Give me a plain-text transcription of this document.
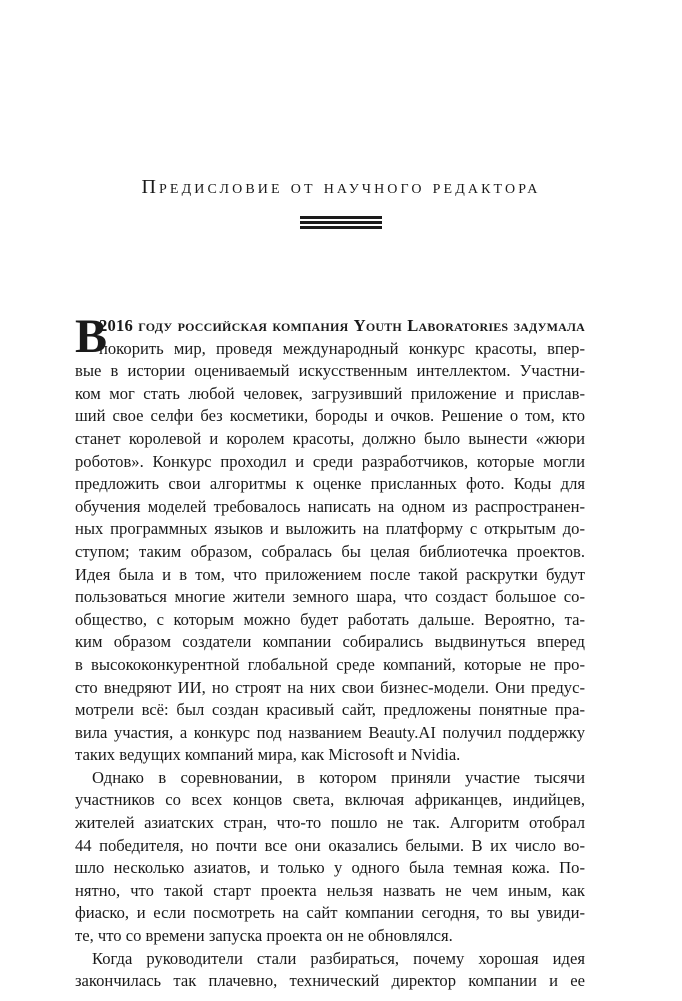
Предисловие от научного редактора
В
2016 году российская компания Youth Laboratories задумала
покорить мир, проведя международный конкурс красоты, впер-
вые в истории оцениваемый искусственным интеллектом. Участни-
ком мог стать любой человек, загрузивший приложение и прислав-
ший свое селфи без косметики, бороды и очков. Решение о том, кто
станет королевой и королем красоты, должно было вынести «жюри
роботов». Конкурс проходил и среди разработчиков, которые могли
предложить свои алгоритмы к оценке присланных фото. Коды для
обучения моделей требовалось написать на одном из распространен-
ных программных языков и выложить на платформу с открытым до-
ступом; таким образом, собралась бы целая библиотечка проектов.
Идея была и в том, что приложением после такой раскрутки будут
пользоваться многие жители земного шара, что создаст большое со-
общество, с которым можно будет работать дальше. Вероятно, та-
ким образом создатели компании собирались выдвинуться вперед
в высококонкурентной глобальной среде компаний, которые не про-
сто внедряют ИИ, но строят на них свои бизнес-модели. Они предус-
мотрели всё: был создан красивый сайт, предложены понятные пра-
вила участия, а конкурс под названием Beauty.AI получил поддержку
таких ведущих компаний мира, как Microsoft и Nvidia.
Однако в соревновании, в котором приняли участие тысячи
участников со всех концов света, включая африканцев, индийцев,
жителей азиатских стран, что-то пошло не так. Алгоритм отобрал
44 победителя, но почти все они оказались белыми. В их число во-
шло несколько азиатов, и только у одного была темная кожа. По-
нятно, что такой старт проекта нельзя назвать не чем иным, как
фиаско, и если посмотреть на сайт компании сегодня, то вы увиди-
те, что со времени запуска проекта он не обновлялся.
Когда руководители стали разбираться, почему хорошая идея
закончилась так плачевно, технический директор компании и ее
